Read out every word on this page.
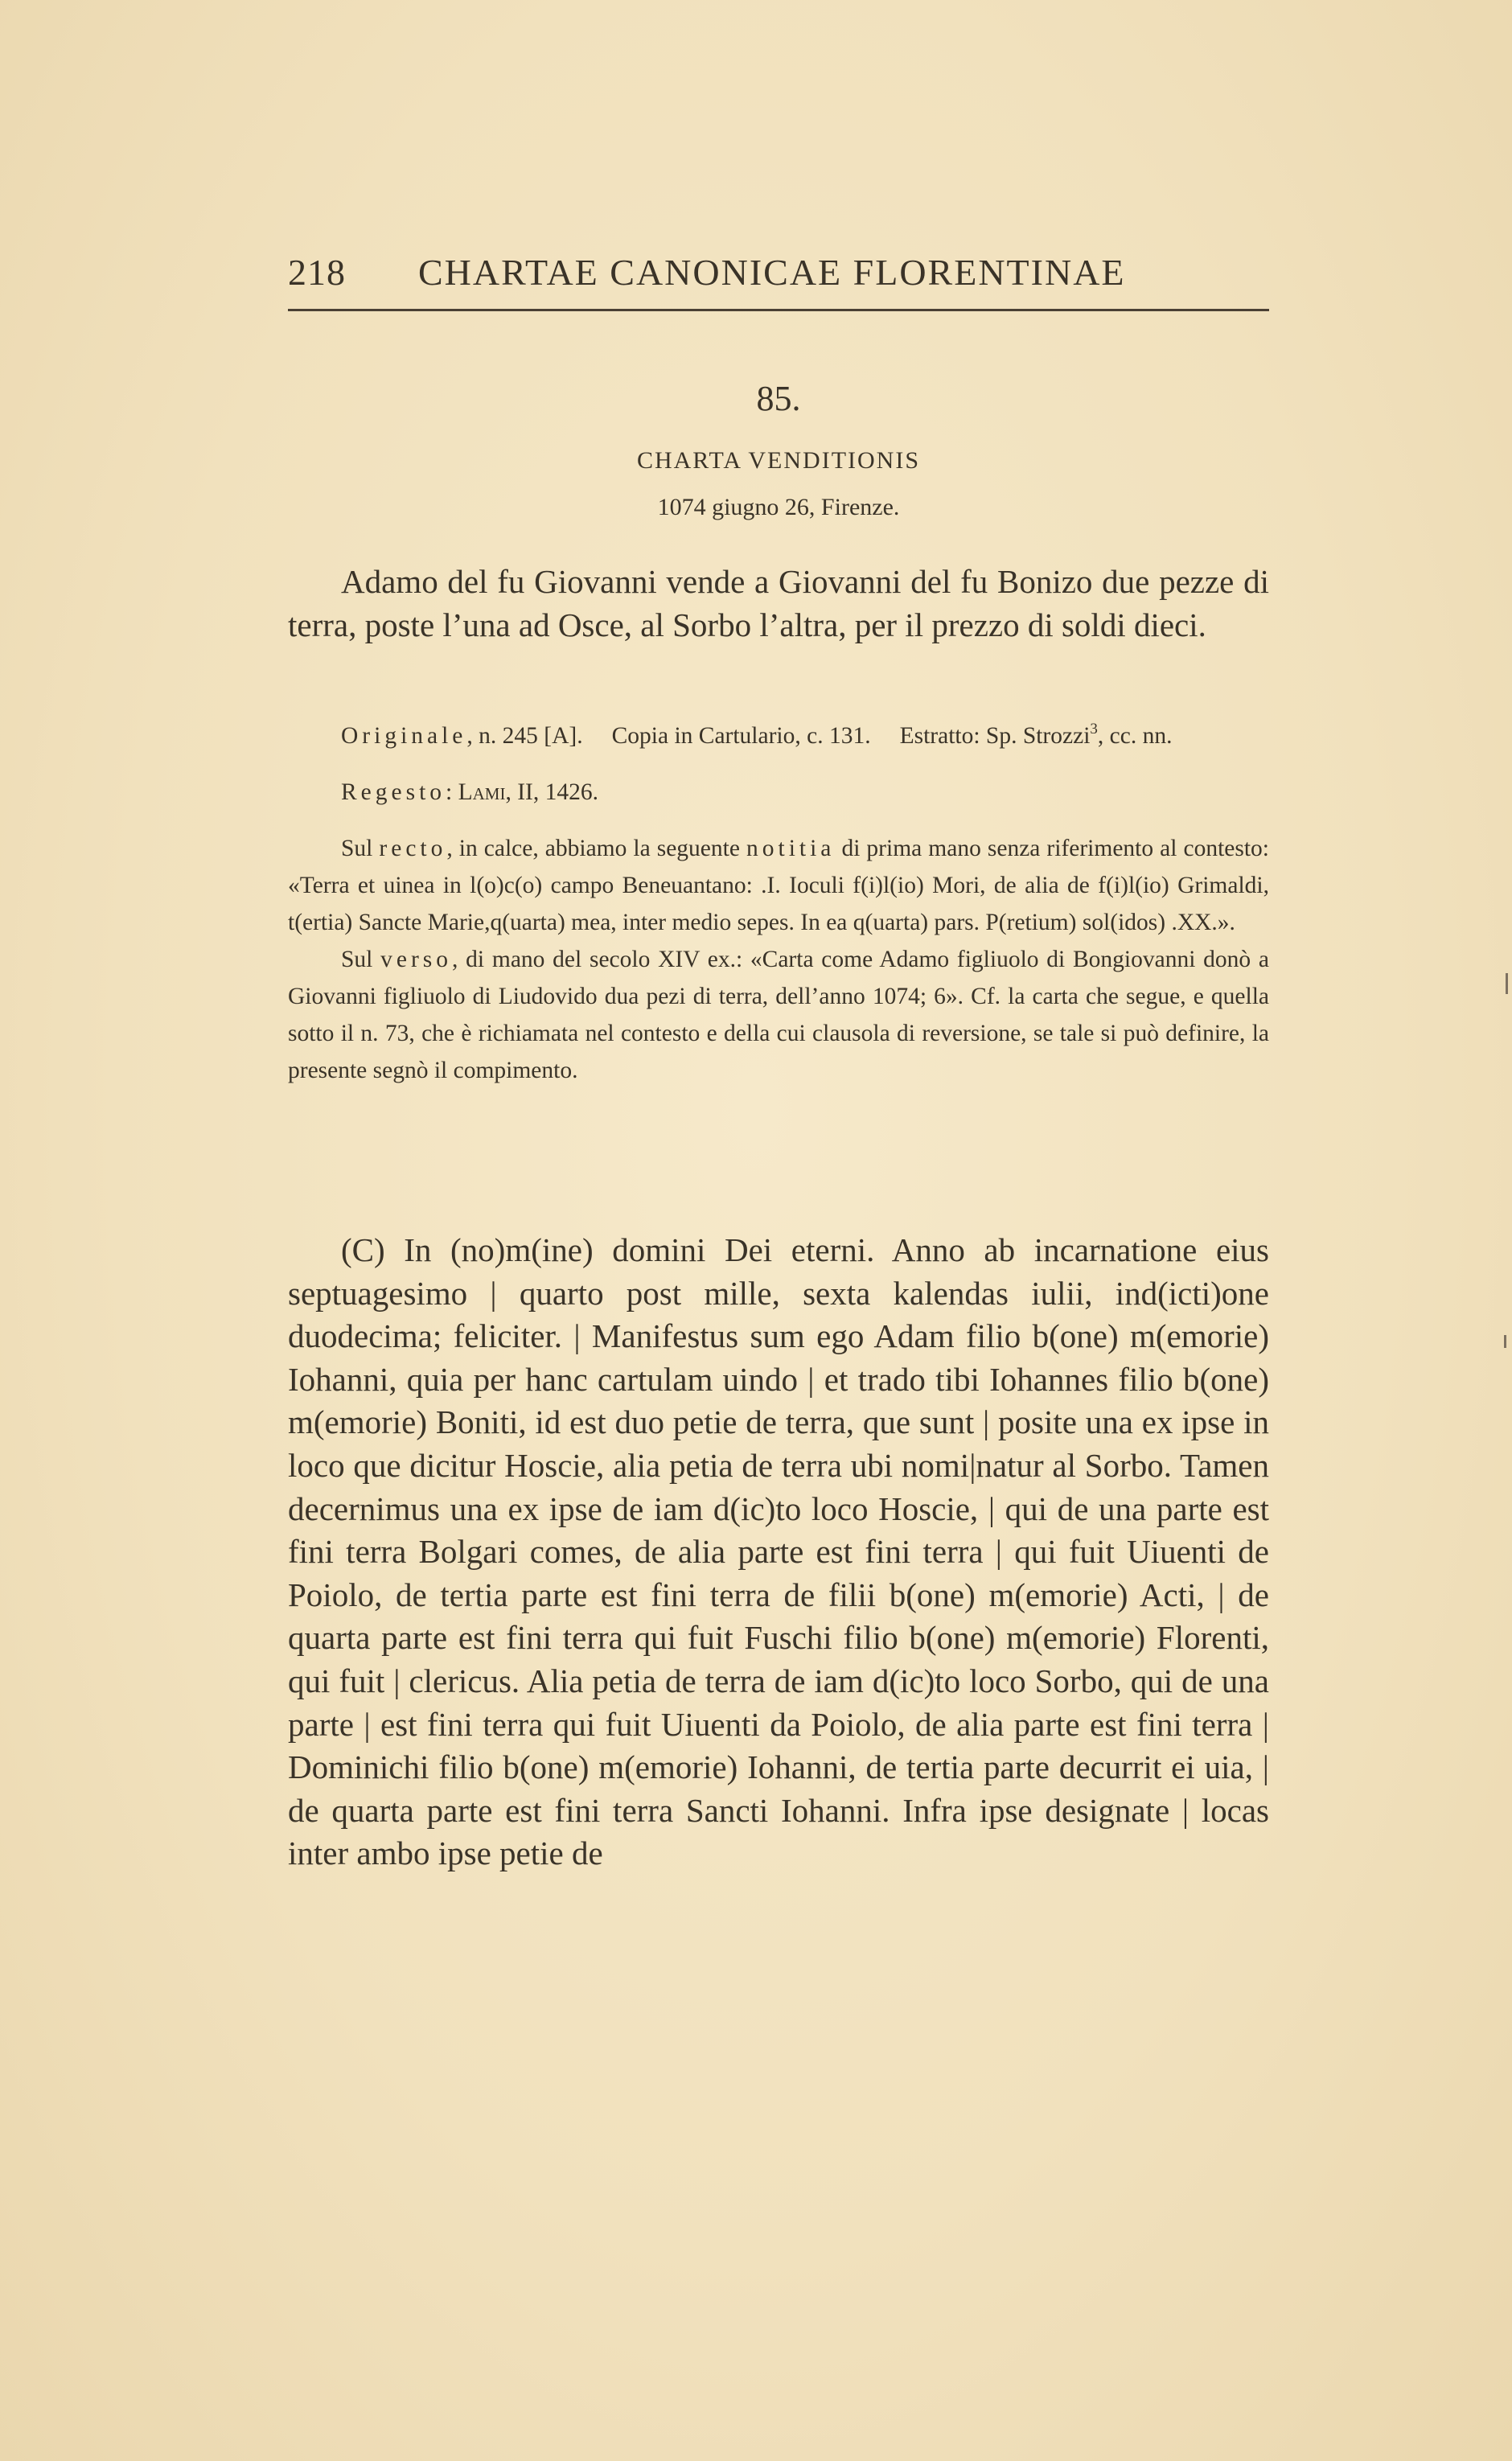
218 CHARTAE CANONICAE FLORENTINAE
85.
CHARTA VENDITIONIS
1074 giugno 26, Firenze.
Adamo del fu Giovanni vende a Giovanni del fu Bonizo due pezze di terra, poste l’una ad Osce, al Sorbo l’altra, per il prezzo di soldi dieci.

Originale, n. 245 [A]. Copia in Cartulario, c. 131. Estratto: Sp. Strozzi$^3$, cc. nn.

Regesto: Lami, II, 1426.

Sul recto, in calce, abbiamo la seguente notitia di prima mano senza riferimento al contesto: «Terra et uinea in l(o)c(o) campo Beneuantano: .I. Ioculi f(i)l(io) Mori, de alia de f(i)l(io) Grimaldi, t(ertia) Sancte Marie,q(uarta) mea, inter medio sepes. In ea q(uarta) pars. P(retium) sol(idos) .XX.».

Sul verso, di mano del secolo XIV ex.: «Carta come Adamo figliuolo di Bongiovanni donò a Giovanni figliuolo di Liudovido dua pezi di terra, dell’anno 1074; 6». Cf. la carta che segue, e quella sotto il n. 73, che è richiamata nel contesto e della cui clausola di reversione, se tale si può definire, la presente segnò il compimento.

(C) In (no)m(ine) domini Dei eterni. Anno ab incarnatione eius septuagesimo | quarto post mille, sexta kalendas iulii, ind(icti)one duodecima; feliciter. | Manifestus sum ego Adam filio b(one) m(emorie) Iohanni, quia per hanc cartulam uindo | et trado tibi Iohannes filio b(one) m(emorie) Boniti, id est duo petie de terra, que sunt | posite una ex ipse in loco que dicitur Hoscie, alia petia de terra ubi nomi|natur al Sorbo. Tamen decernimus una ex ipse de iam d(ic)to loco Hoscie, | qui de una parte est fini terra Bolgari comes, de alia parte est fini terra | qui fuit Uiuenti de Poiolo, de tertia parte est fini terra de filii b(one) m(emorie) Acti, | de quarta parte est fini terra qui fuit Fuschi filio b(one) m(emorie) Florenti, qui fuit | clericus. Alia petia de terra de iam d(ic)to loco Sorbo, qui de una parte | est fini terra qui fuit Uiuenti da Poiolo, de alia parte est fini terra | Dominichi filio b(one) m(emorie) Iohanni, de tertia parte decurrit ei uia, | de quarta parte est fini terra Sancti Iohanni. Infra ipse designate | locas inter ambo ipse petie de
